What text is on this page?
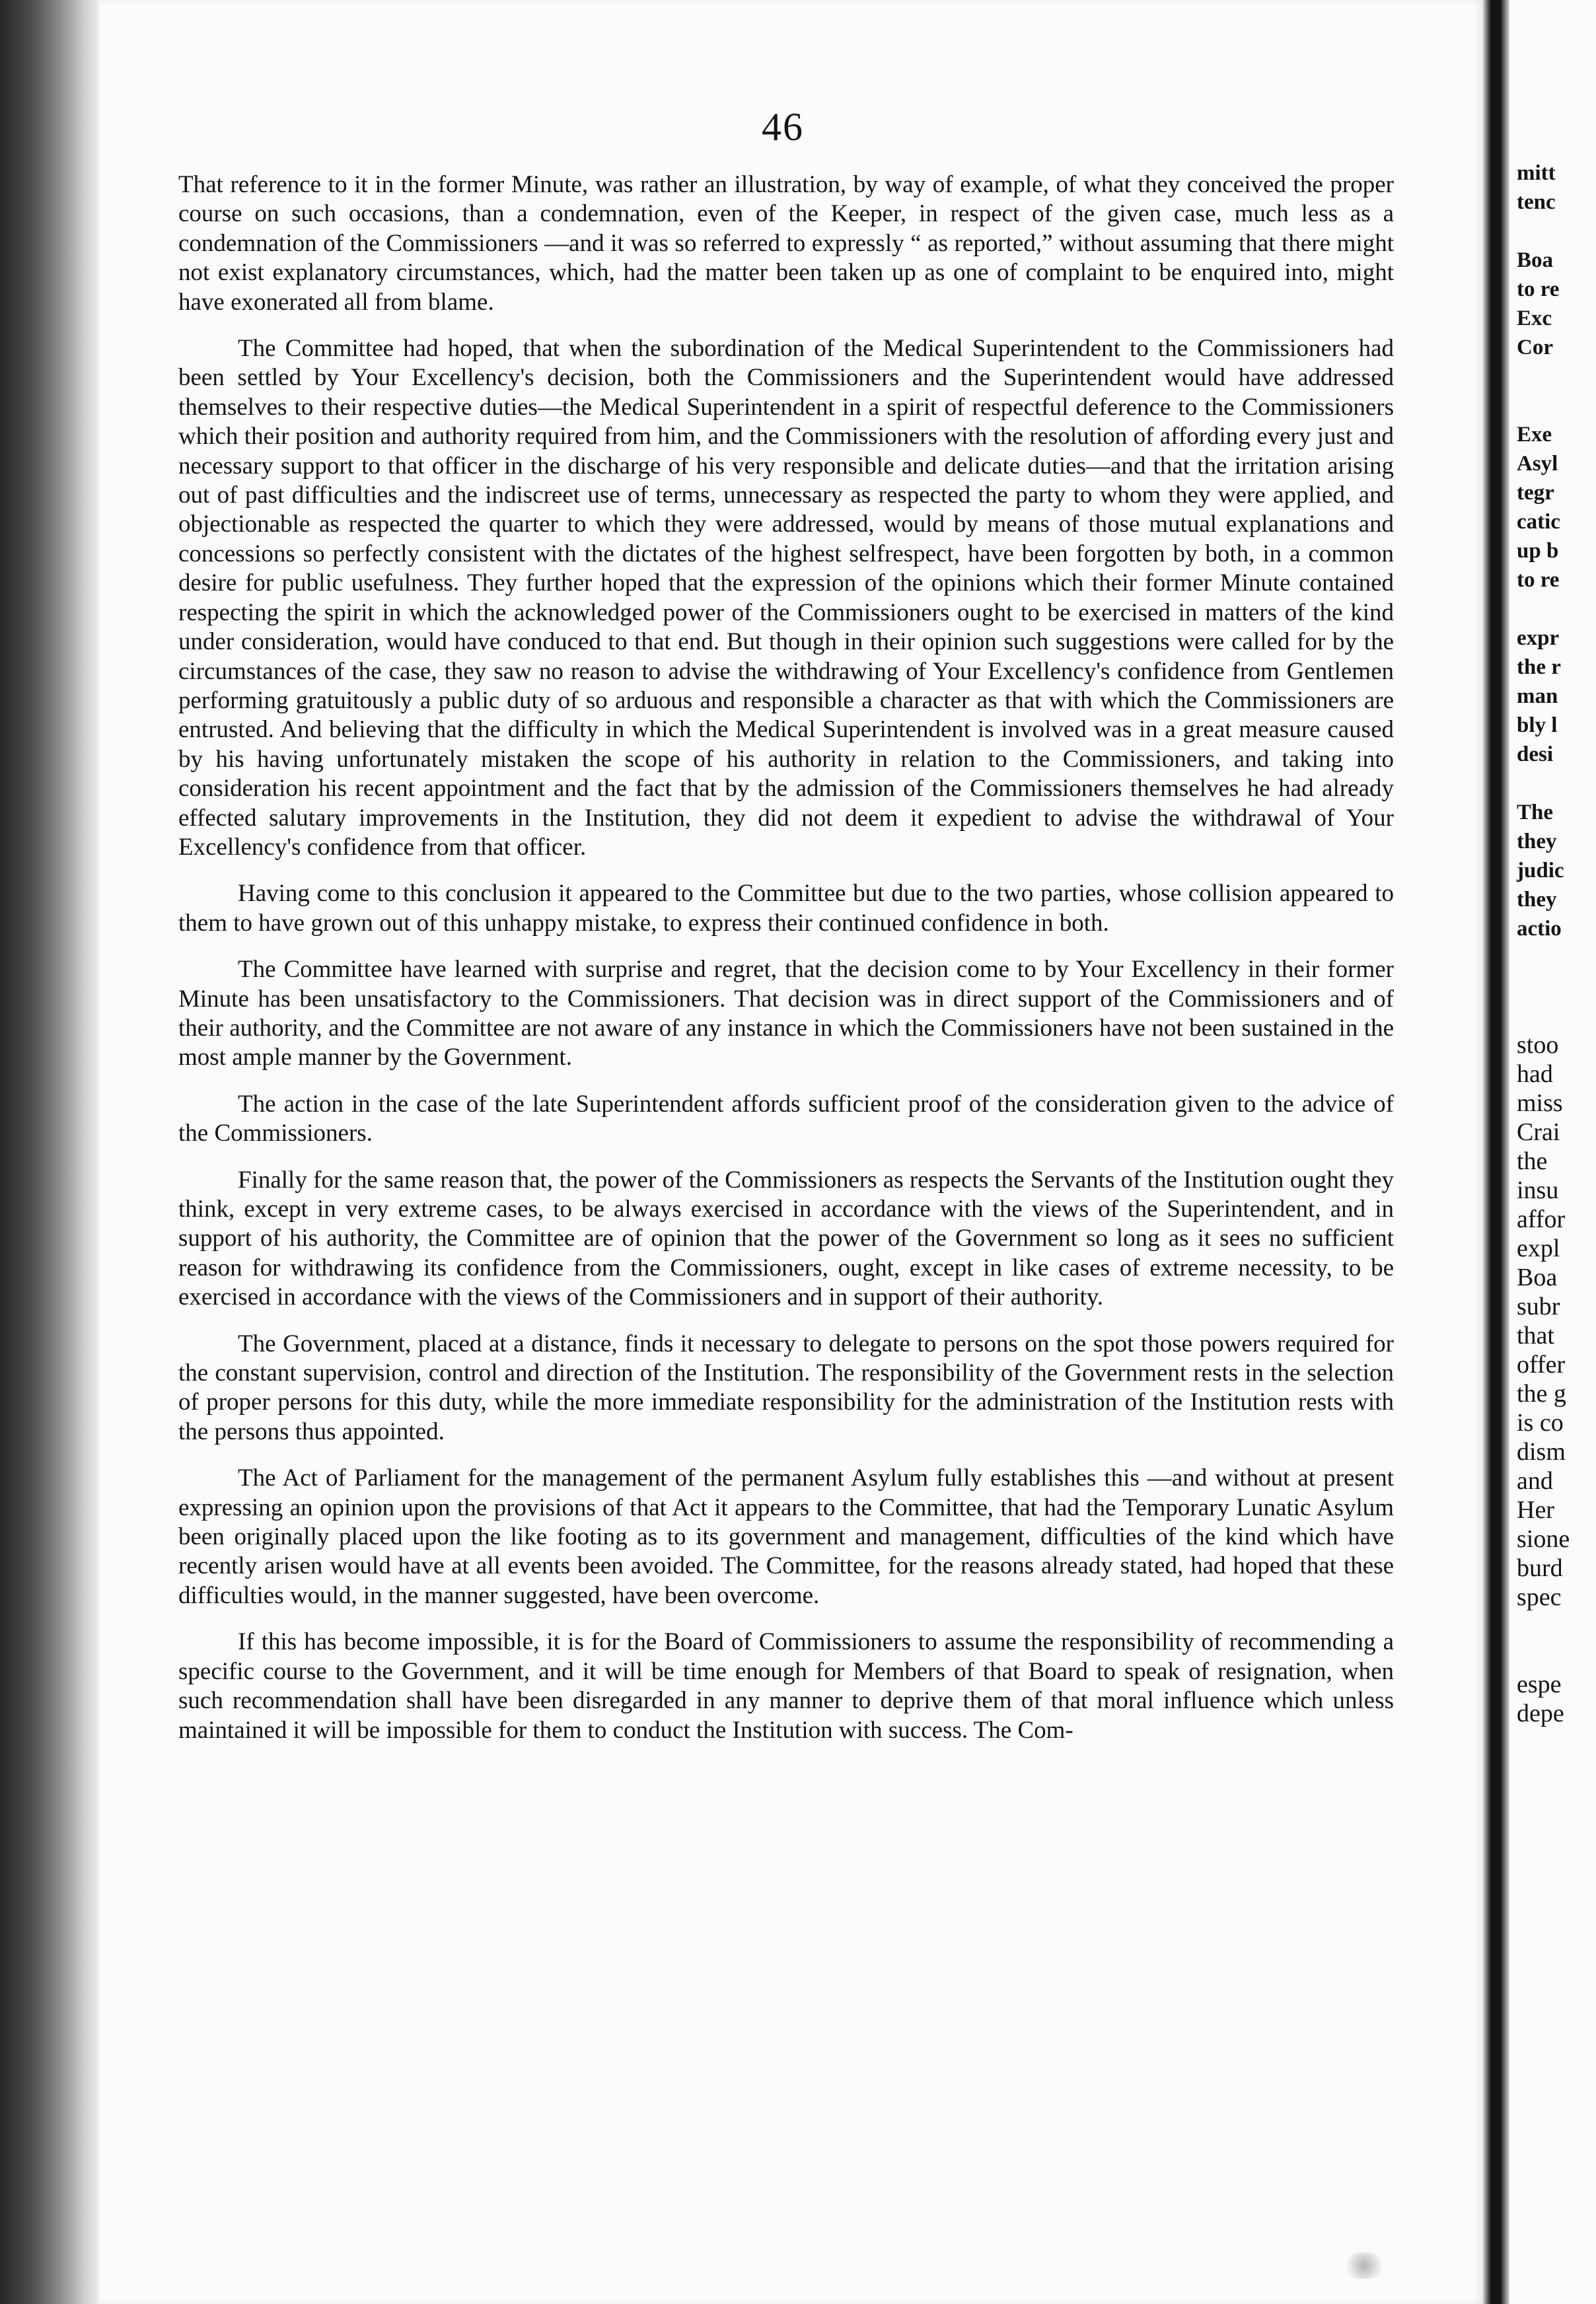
46

That reference to it in the former Minute, was rather an illustration, by way of example, of what they conceived the proper course on such occasions, than a condemnation, even of the Keeper, in respect of the given case, much less as a condemnation of the Commissioners —and it was so referred to expressly “ as reported,” without assuming that there might not exist explanatory circumstances, which, had the matter been taken up as one of complaint to be enquired into, might have exonerated all from blame.

The Committee had hoped, that when the subordination of the Medical Superintendent to the Commissioners had been settled by Your Excellency's decision, both the Commissioners and the Superintendent would have addressed themselves to their respective duties—the Medical Superintendent in a spirit of respectful deference to the Commissioners which their position and authority required from him, and the Commissioners with the resolution of affording every just and necessary support to that officer in the discharge of his very responsible and delicate duties—and that the irritation arising out of past difficulties and the indiscreet use of terms, unnecessary as respected the party to whom they were applied, and objectionable as respected the quarter to which they were addressed, would by means of those mutual explanations and concessions so perfectly consistent with the dictates of the highest selfrespect, have been forgotten by both, in a common desire for public usefulness. They further hoped that the expression of the opinions which their former Minute contained respecting the spirit in which the acknowledged power of the Commissioners ought to be exercised in matters of the kind under consideration, would have conduced to that end. But though in their opinion such suggestions were called for by the circumstances of the case, they saw no reason to advise the withdrawing of Your Excellency's confidence from Gentlemen performing gratuitously a public duty of so arduous and responsible a character as that with which the Commissioners are entrusted. And believing that the difficulty in which the Medical Superintendent is involved was in a great measure caused by his having unfortunately mistaken the scope of his authority in relation to the Commissioners, and taking into consideration his recent appointment and the fact that by the admission of the Commissioners themselves he had already effected salutary improvements in the Institution, they did not deem it expedient to advise the withdrawal of Your Excellency's confidence from that officer.

Having come to this conclusion it appeared to the Committee but due to the two parties, whose collision appeared to them to have grown out of this unhappy mistake, to express their continued confidence in both.

The Committee have learned with surprise and regret, that the decision come to by Your Excellency in their former Minute has been unsatisfactory to the Commissioners. That decision was in direct support of the Commissioners and of their authority, and the Committee are not aware of any instance in which the Commissioners have not been sustained in the most ample manner by the Government.

The action in the case of the late Superintendent affords sufficient proof of the consideration given to the advice of the Commissioners.

Finally for the same reason that, the power of the Commissioners as respects the Servants of the Institution ought they think, except in very extreme cases, to be always exercised in accordance with the views of the Superintendent, and in support of his authority, the Committee are of opinion that the power of the Government so long as it sees no sufficient reason for withdrawing its confidence from the Commissioners, ought, except in like cases of extreme necessity, to be exercised in accordance with the views of the Commissioners and in support of their authority.

The Government, placed at a distance, finds it necessary to delegate to persons on the spot those powers required for the constant supervision, control and direction of the Institution. The responsibility of the Government rests in the selection of proper persons for this duty, while the more immediate responsibility for the administration of the Institution rests with the persons thus appointed.

The Act of Parliament for the management of the permanent Asylum fully establishes this —and without at present expressing an opinion upon the provisions of that Act it appears to the Committee, that had the Temporary Lunatic Asylum been originally placed upon the like footing as to its government and management, difficulties of the kind which have recently arisen would have at all events been avoided. The Committee, for the reasons already stated, had hoped that these difficulties would, in the manner suggested, have been overcome.

If this has become impossible, it is for the Board of Commissioners to assume the responsibility of recommending a specific course to the Government, and it will be time enough for Members of that Board to speak of resignation, when such recommendation shall have been disregarded in any manner to deprive them of that moral influence which unless maintained it will be impossible for them to conduct the Institution with success. The Com-

mitt
tenc
Boa
to re
Exc
Cor
Exe
Asyl
tegr
catic
up b
to re
expr
the r
man
bly l
desi
The
they
judic
they
actio
stoo
had
miss
Crai
the
insu
affor
expl
Boa
subr
that
offer
the g
is co
dism
and
Her
sione
burd
spec
espe
depe
